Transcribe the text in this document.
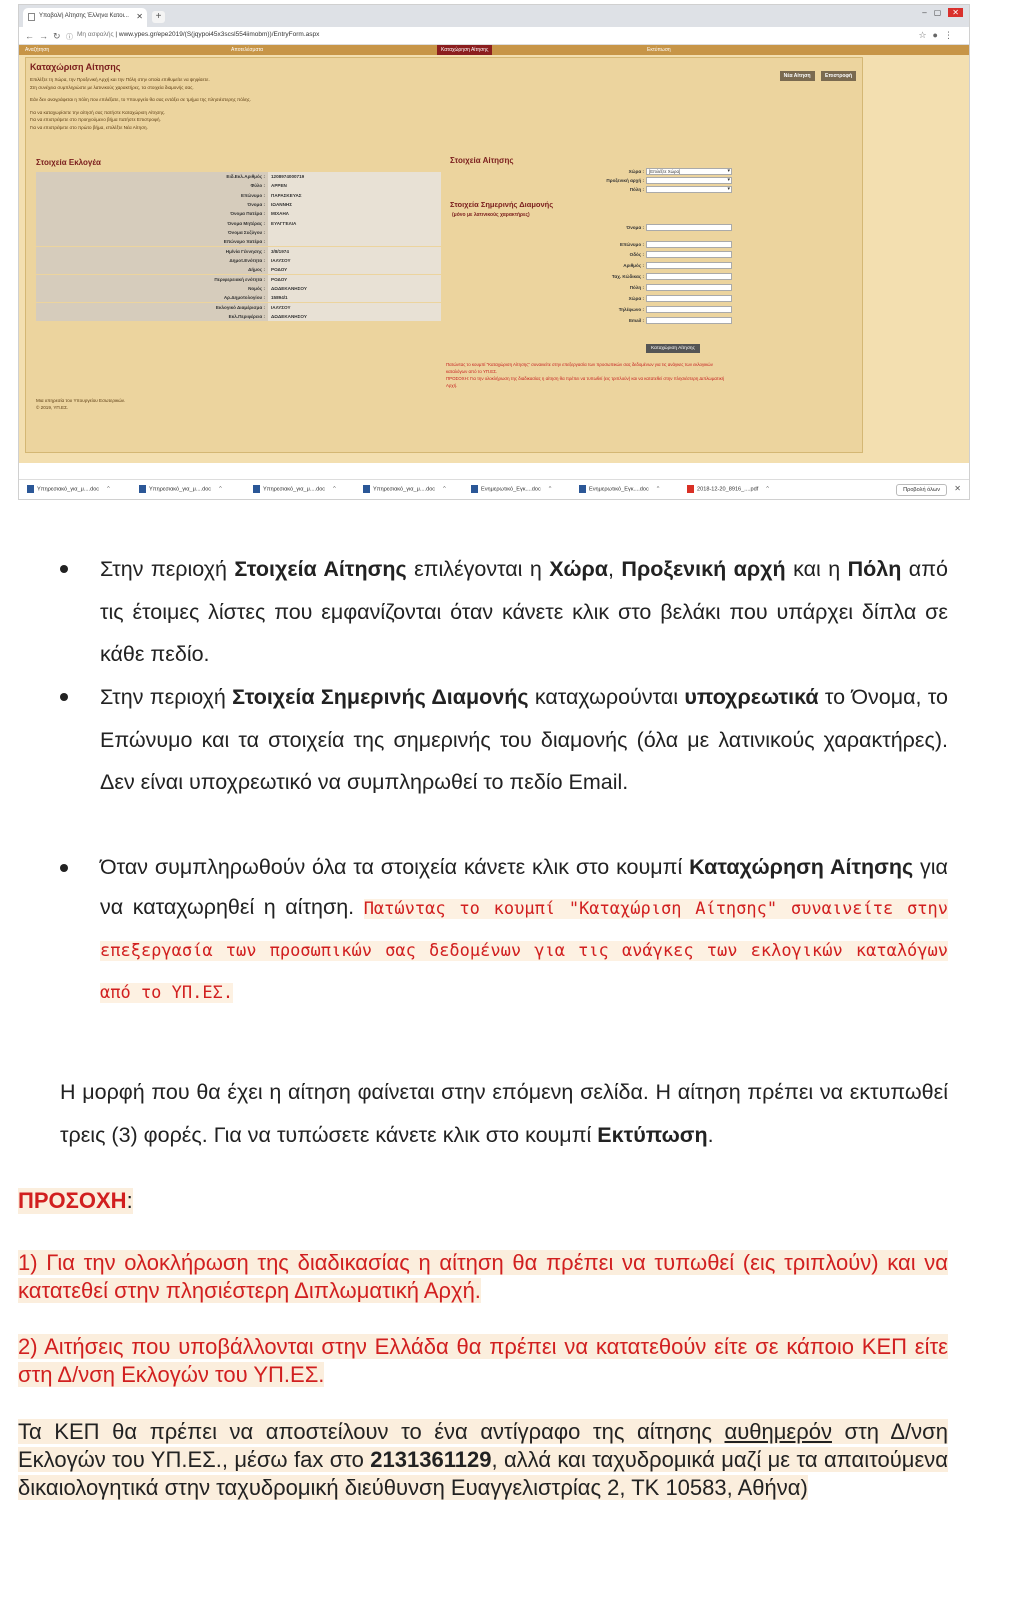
Υποβολή Αίτησης Έλληνα Κατοι... ✕	+	–▢ ✕
← → ↻ ⓘ Μη ασφαλής | www.ypes.gr/epe2019/(S(jqypoi45x3scsl554iimobm))/EntryForm.aspx	☆●⋮
Αναζήτηση	Αποτελέσματα	Καταχώρηση Αίτησης	Εκτύπωση
Καταχώριση Αίτησης
Νέα Αίτηση	Επιστροφή

Επιλέξτε τη Χώρα, την Προξενική Αρχή και την Πόλη στην οποία επιθυμείτε να ψηφίσετε.

Στη συνέχεια συμπληρώστε με λατινικούς χαρακτήρες, τα στοιχεία διαμονής σας.

Εάν δεν αναγράφεται η πόλη που επιλέξατε, το Υπουργείο θα σας εντάξει σε τμήμα της πλησιέστερης πόλης.

Για να καταχωρίσετε την αίτησή σας πατήστε Καταχώριση Αίτησης.

Για να επιστρέψετε στο προηγούμενο βήμα πατήστε Επιστροφή.

Για να επιστρέψετε στο πρώτο βήμα, επιλέξτε Νέα Αίτηση.

Στοιχεία Εκλογέα
Ειδ.Εκλ.Αριθμός :	1208974000719
Φύλο :	ΑΡΡΕΝ
Επώνυμο :	ΠΑΡΑΣΚΕΥΑΣ
Όνομα :	ΙΩΑΝΝΗΣ
Όνομα Πατέρα :	ΜΙΧΑΗΛ
Όνομα Μητέρας :	ΕΥΑΓΓΕΛΙΑ
Όνομα Συζύγου :
Επώνυμο πατέρα :
Ημ/νία Γέννησης :	3/8/1974
Δημοτ.Ενότητα :	ΙΑΛΥΣΟΥ
Δήμος :	ΡΟΔΟΥ
Περιφερειακή ενότητα :	ΡΟΔΟΥ
Νομός :	ΔΩΔΕΚΑΝΗΣΟΥ
Αρ.Δημοτολογίου :	15894/1
Εκλογικό Διαμέρισμα :	ΙΑΛΥΣΟΥ
Εκλ.Περιφέρεια :	ΔΩΔΕΚΑΝΗΣΟΥ
Στοιχεία Αίτησης
Χώρα :	[Επιλέξτε Χώρα] ▾
Προξενική αρχή :
▾
Πόλη :
▾
Στοιχεία Σημερινής Διαμονής
(μόνο με λατινικούς χαρακτήρες)
Όνομα :
Επώνυμο :
Οδός :
Αριθμός :
Ταχ. Κώδικας :
Πόλη :
Χώρα :
Τηλέφωνο :
Email :
Καταχώριση Αίτησης

Πατώντας το κουμπί "Καταχώριση Αίτησης" συναινείτε στην επεξεργασία των προσωπικών σας δεδομένων για τις ανάγκες των εκλογικών

καταλόγων από το ΥΠ.ΕΣ.

ΠΡΟΣΟΧΗ: Για την ολοκλήρωση της διαδικασίας η αίτηση θα πρέπει να τυπωθεί (εις τριπλούν) και να κατατεθεί στην πλησιέστερη Διπλωματική

Αρχή.

Μια υπηρεσία του Υπουργείου Εσωτερικών.

© 2019, ΥΠ.ΕΣ.

Υπηρεσιακό_για_μ....doc ^	Υπηρεσιακό_για_μ....doc ^	Υπηρεσιακό_για_μ....doc ^	Υπηρεσιακό_για_μ....doc ^	Ενημερωτικό_Εγκ....doc ^	Ενημερωτικό_Εγκ....doc ^	2018-12-20_8916_....pdf ^	Προβολή όλων	✕
Στην περιοχή Στοιχεία Αίτησης επιλέγονται η Χώρα, Προξενική αρχή και η Πόλη από τις έτοιμες λίστες που εμφανίζονται όταν κάνετε κλικ στο βελάκι που υπάρχει δίπλα σε κάθε πεδίο.
Στην περιοχή Στοιχεία Σημερινής Διαμονής καταχωρούνται υποχρεωτικά το Όνομα, το Επώνυμο και τα στοιχεία της σημερινής του διαμονής (όλα με λατινικούς χαρακτήρες). Δεν είναι υποχρεωτικό να συμπληρωθεί το πεδίο Email.
Όταν συμπληρωθούν όλα τα στοιχεία κάνετε κλικ στο κουμπί Καταχώρηση Αίτησης για να καταχωρηθεί η αίτηση. Πατώντας το κουμπί "Καταχώριση Αίτησης" συναινείτε στην επεξεργασία των προσωπικών σας δεδομένων για τις ανάγκες των εκλογικών καταλόγων από το ΥΠ.ΕΣ.
Η μορφή που θα έχει η αίτηση φαίνεται στην επόμενη σελίδα. Η αίτηση πρέπει να εκτυπωθεί τρεις (3) φορές. Για να τυπώσετε κάνετε κλικ στο κουμπί Εκτύπωση.
ΠΡΟΣΟΧΗ:
1) Για την ολοκλήρωση της διαδικασίας η αίτηση θα πρέπει να τυπωθεί (εις τριπλούν) και να κατατεθεί στην πλησιέστερη Διπλωματική Αρχή.
2) Αιτήσεις που υποβάλλονται στην Ελλάδα θα πρέπει να κατατεθούν είτε σε κάποιο ΚΕΠ είτε στη Δ/νση Εκλογών του ΥΠ.ΕΣ.
Τα ΚΕΠ θα πρέπει να αποστείλουν το ένα αντίγραφο της αίτησης αυθημερόν στη Δ/νση Εκλογών του ΥΠ.ΕΣ., μέσω fax στο 2131361129, αλλά και ταχυδρομικά μαζί με τα απαιτούμενα δικαιολογητικά στην ταχυδρομική διεύθυνση Ευαγγελιστρίας 2, ΤΚ 10583, Αθήνα)
